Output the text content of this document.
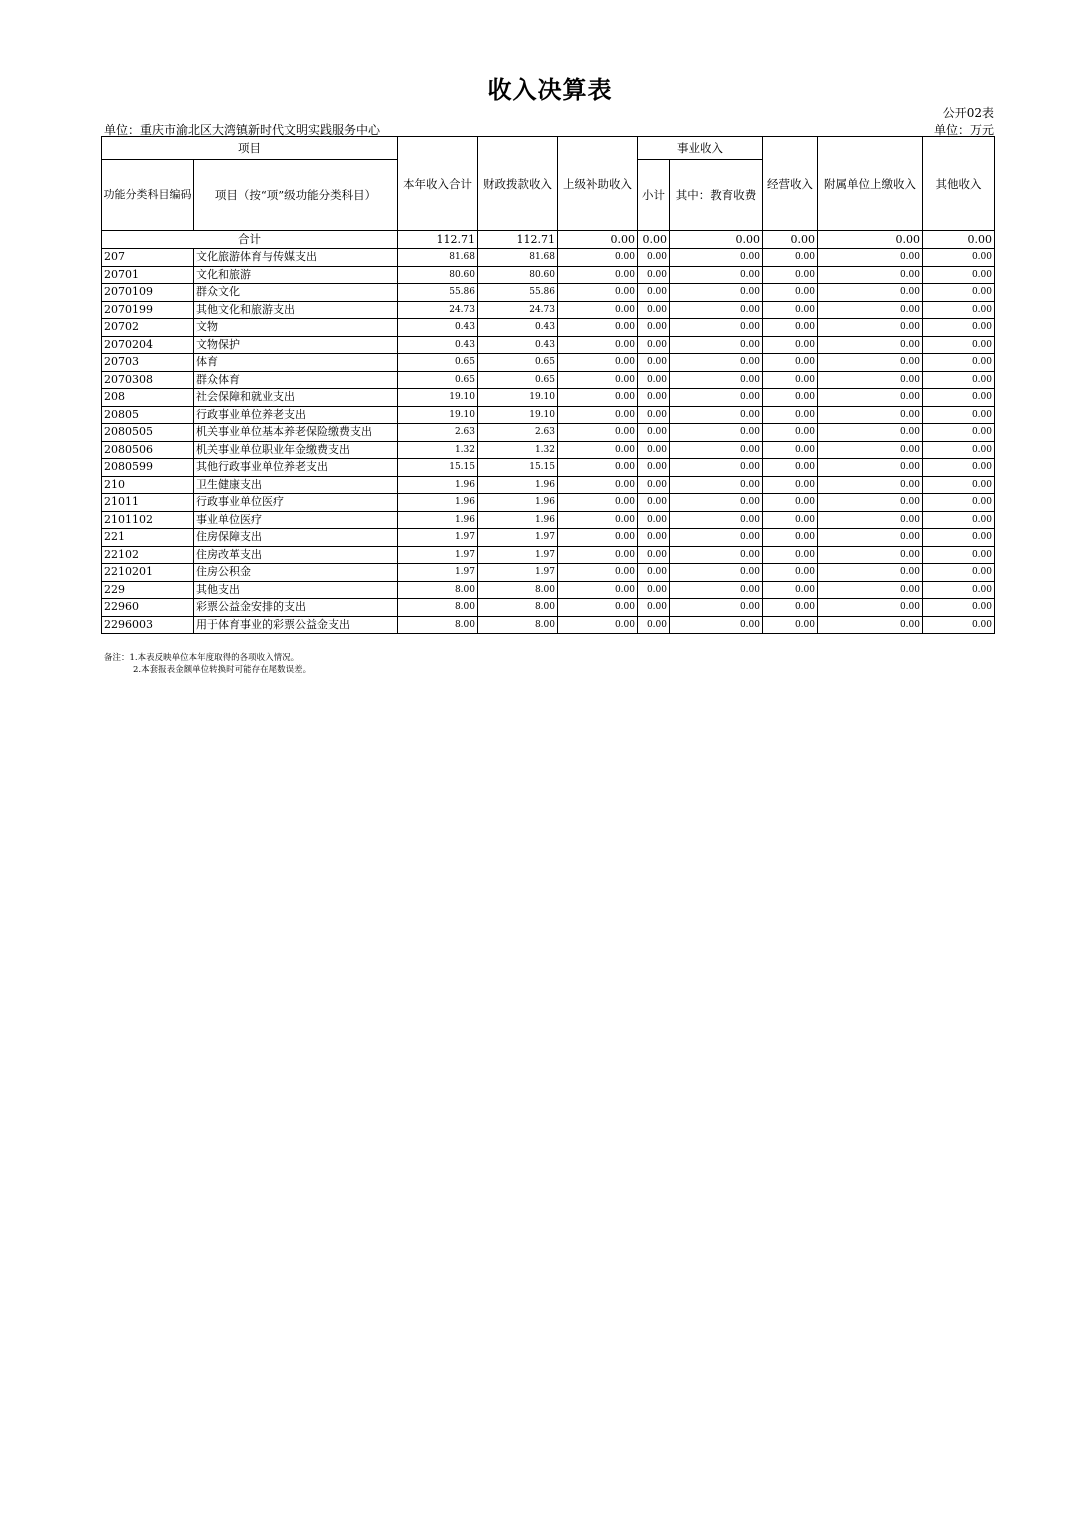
收入决算表
公开02表
单位：重庆市渝北区大湾镇新时代文明实践服务中心	单位：万元
项目		本年收入合计	财政拨款收入	上级补助收入	事业收入		经营收入	附属单位上缴收入	其他收入
功能分类科目编码	项目（按“项”级功能分类科目）				小计	其中：教育收费			
合计		112.71	112.71	0.00	0.00	0.00	0.00	0.00	0.00
207	文化旅游体育与传媒支出	81.68	81.68	0.00	0.00	0.00	0.00	0.00	0.00
20701	文化和旅游	80.60	80.60	0.00	0.00	0.00	0.00	0.00	0.00
2070109	群众文化	55.86	55.86	0.00	0.00	0.00	0.00	0.00	0.00
2070199	其他文化和旅游支出	24.73	24.73	0.00	0.00	0.00	0.00	0.00	0.00
20702	文物	0.43	0.43	0.00	0.00	0.00	0.00	0.00	0.00
2070204	文物保护	0.43	0.43	0.00	0.00	0.00	0.00	0.00	0.00
20703	体育	0.65	0.65	0.00	0.00	0.00	0.00	0.00	0.00
2070308	群众体育	0.65	0.65	0.00	0.00	0.00	0.00	0.00	0.00
208	社会保障和就业支出	19.10	19.10	0.00	0.00	0.00	0.00	0.00	0.00
20805	行政事业单位养老支出	19.10	19.10	0.00	0.00	0.00	0.00	0.00	0.00
2080505	机关事业单位基本养老保险缴费支出	2.63	2.63	0.00	0.00	0.00	0.00	0.00	0.00
2080506	机关事业单位职业年金缴费支出	1.32	1.32	0.00	0.00	0.00	0.00	0.00	0.00
2080599	其他行政事业单位养老支出	15.15	15.15	0.00	0.00	0.00	0.00	0.00	0.00
210	卫生健康支出	1.96	1.96	0.00	0.00	0.00	0.00	0.00	0.00
21011	行政事业单位医疗	1.96	1.96	0.00	0.00	0.00	0.00	0.00	0.00
2101102	事业单位医疗	1.96	1.96	0.00	0.00	0.00	0.00	0.00	0.00
221	住房保障支出	1.97	1.97	0.00	0.00	0.00	0.00	0.00	0.00
22102	住房改革支出	1.97	1.97	0.00	0.00	0.00	0.00	0.00	0.00
2210201	住房公积金	1.97	1.97	0.00	0.00	0.00	0.00	0.00	0.00
229	其他支出	8.00	8.00	0.00	0.00	0.00	0.00	0.00	0.00
22960	彩票公益金安排的支出	8.00	8.00	0.00	0.00	0.00	0.00	0.00	0.00
2296003	用于体育事业的彩票公益金支出	8.00	8.00	0.00	0.00	0.00	0.00	0.00	0.00
备注：1.本表反映单位本年度取得的各项收入情况。
2.本套报表金额单位转换时可能存在尾数误差。
